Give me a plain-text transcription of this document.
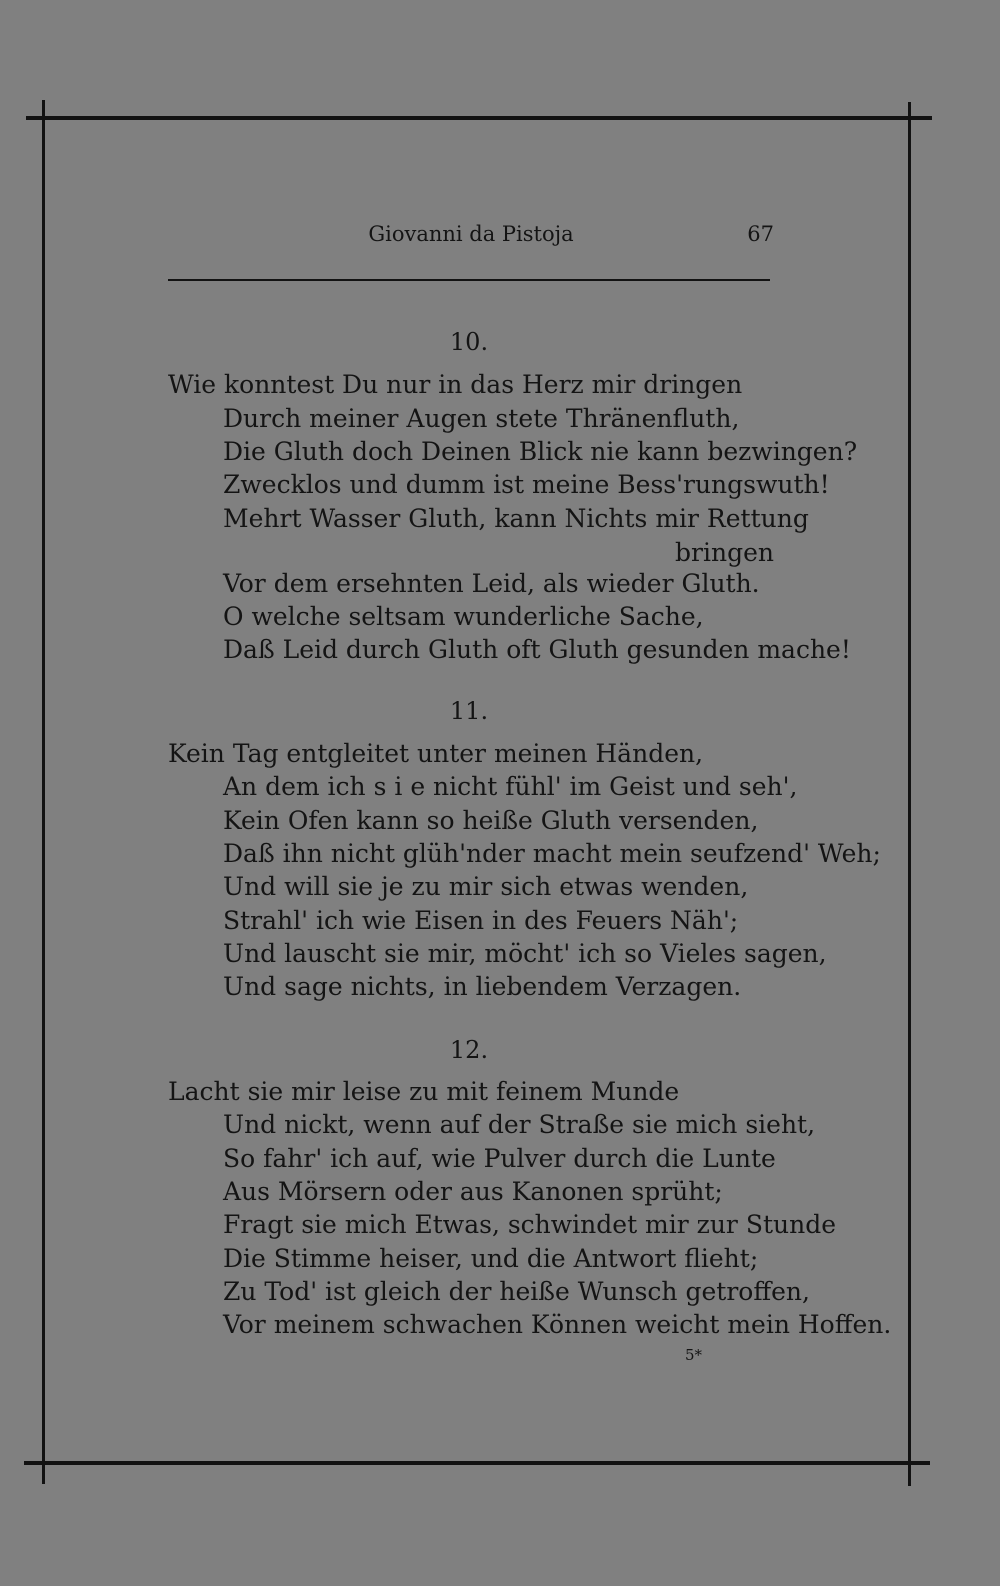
Giovanni da Pistoja	67
10.
Wie konntest Du nur in das Herz mir dringen
Durch meiner Augen stete Thränenfluth,
Die Gluth doch Deinen Blick nie kann bezwingen?
Zwecklos und dumm ist meine Bess'rungswuth!
Mehrt Wasser Gluth, kann Nichts mir Rettung
bringen
Vor dem ersehnten Leid, als wieder Gluth.
O welche seltsam wunderliche Sache,
Daß Leid durch Gluth oft Gluth gesunden mache!
11.
Kein Tag entgleitet unter meinen Händen,
An dem ich s i e nicht fühl' im Geist und seh',
Kein Ofen kann so heiße Gluth versenden,
Daß ihn nicht glüh'nder macht mein seufzend' Weh;
Und will sie je zu mir sich etwas wenden,
Strahl' ich wie Eisen in des Feuers Näh';
Und lauscht sie mir, möcht' ich so Vieles sagen,
Und sage nichts, in liebendem Verzagen.
12.
Lacht sie mir leise zu mit feinem Munde
Und nickt, wenn auf der Straße sie mich sieht,
So fahr' ich auf, wie Pulver durch die Lunte
Aus Mörsern oder aus Kanonen sprüht;
Fragt sie mich Etwas, schwindet mir zur Stunde
Die Stimme heiser, und die Antwort flieht;
Zu Tod' ist gleich der heiße Wunsch getroffen,
Vor meinem schwachen Können weicht mein Hoffen.
5*
